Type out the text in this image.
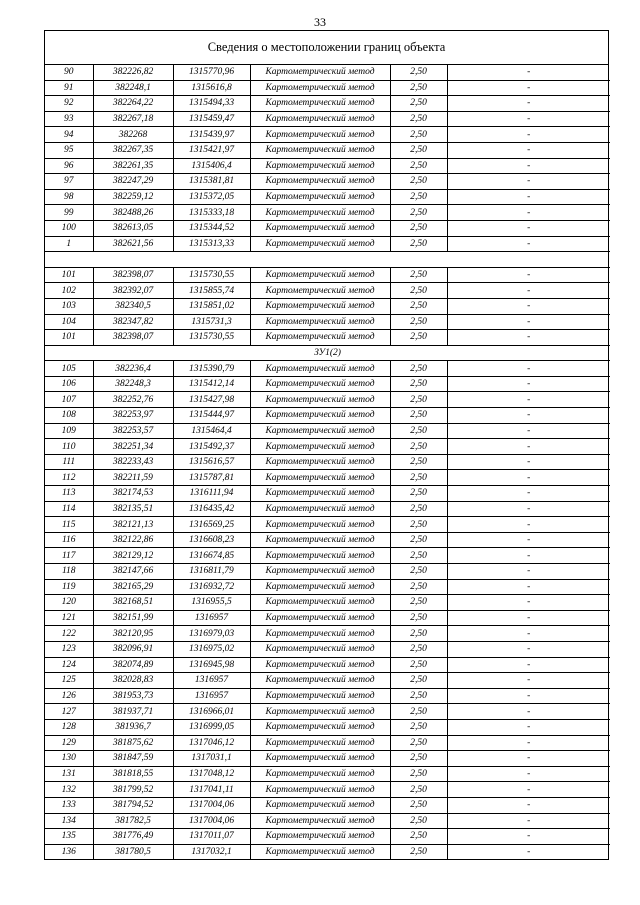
33
Сведения о местоположении границ объекта
90	382226,82	1315770,96	Картометрический метод	2,50	-
91	382248,1	1315616,8	Картометрический метод	2,50	-
92	382264,22	1315494,33	Картометрический метод	2,50	-
93	382267,18	1315459,47	Картометрический метод	2,50	-
94	382268	1315439,97	Картометрический метод	2,50	-
95	382267,35	1315421,97	Картометрический метод	2,50	-
96	382261,35	1315406,4	Картометрический метод	2,50	-
97	382247,29	1315381,81	Картометрический метод	2,50	-
98	382259,12	1315372,05	Картометрический метод	2,50	-
99	382488,26	1315333,18	Картометрический метод	2,50	-
100	382613,05	1315344,52	Картометрический метод	2,50	-
1	382621,56	1315313,33	Картометрический метод	2,50	-

101	382398,07	1315730,55	Картометрический метод	2,50	-
102	382392,07	1315855,74	Картометрический метод	2,50	-
103	382340,5	1315851,02	Картометрический метод	2,50	-
104	382347,82	1315731,3	Картометрический метод	2,50	-
101	382398,07	1315730,55	Картометрический метод	2,50	-
ЗУ1(2)					
105	382236,4	1315390,79	Картометрический метод	2,50	-
106	382248,3	1315412,14	Картометрический метод	2,50	-
107	382252,76	1315427,98	Картометрический метод	2,50	-
108	382253,97	1315444,97	Картометрический метод	2,50	-
109	382253,57	1315464,4	Картометрический метод	2,50	-
110	382251,34	1315492,37	Картометрический метод	2,50	-
111	382233,43	1315616,57	Картометрический метод	2,50	-
112	382211,59	1315787,81	Картометрический метод	2,50	-
113	382174,53	1316111,94	Картометрический метод	2,50	-
114	382135,51	1316435,42	Картометрический метод	2,50	-
115	382121,13	1316569,25	Картометрический метод	2,50	-
116	382122,86	1316608,23	Картометрический метод	2,50	-
117	382129,12	1316674,85	Картометрический метод	2,50	-
118	382147,66	1316811,79	Картометрический метод	2,50	-
119	382165,29	1316932,72	Картометрический метод	2,50	-
120	382168,51	1316955,5	Картометрический метод	2,50	-
121	382151,99	1316957	Картометрический метод	2,50	-
122	382120,95	1316979,03	Картометрический метод	2,50	-
123	382096,91	1316975,02	Картометрический метод	2,50	-
124	382074,89	1316945,98	Картометрический метод	2,50	-
125	382028,83	1316957	Картометрический метод	2,50	-
126	381953,73	1316957	Картометрический метод	2,50	-
127	381937,71	1316966,01	Картометрический метод	2,50	-
128	381936,7	1316999,05	Картометрический метод	2,50	-
129	381875,62	1317046,12	Картометрический метод	2,50	-
130	381847,59	1317031,1	Картометрический метод	2,50	-
131	381818,55	1317048,12	Картометрический метод	2,50	-
132	381799,52	1317041,11	Картометрический метод	2,50	-
133	381794,52	1317004,06	Картометрический метод	2,50	-
134	381782,5	1317004,06	Картометрический метод	2,50	-
135	381776,49	1317011,07	Картометрический метод	2,50	-
136	381780,5	1317032,1	Картометрический метод	2,50	-
